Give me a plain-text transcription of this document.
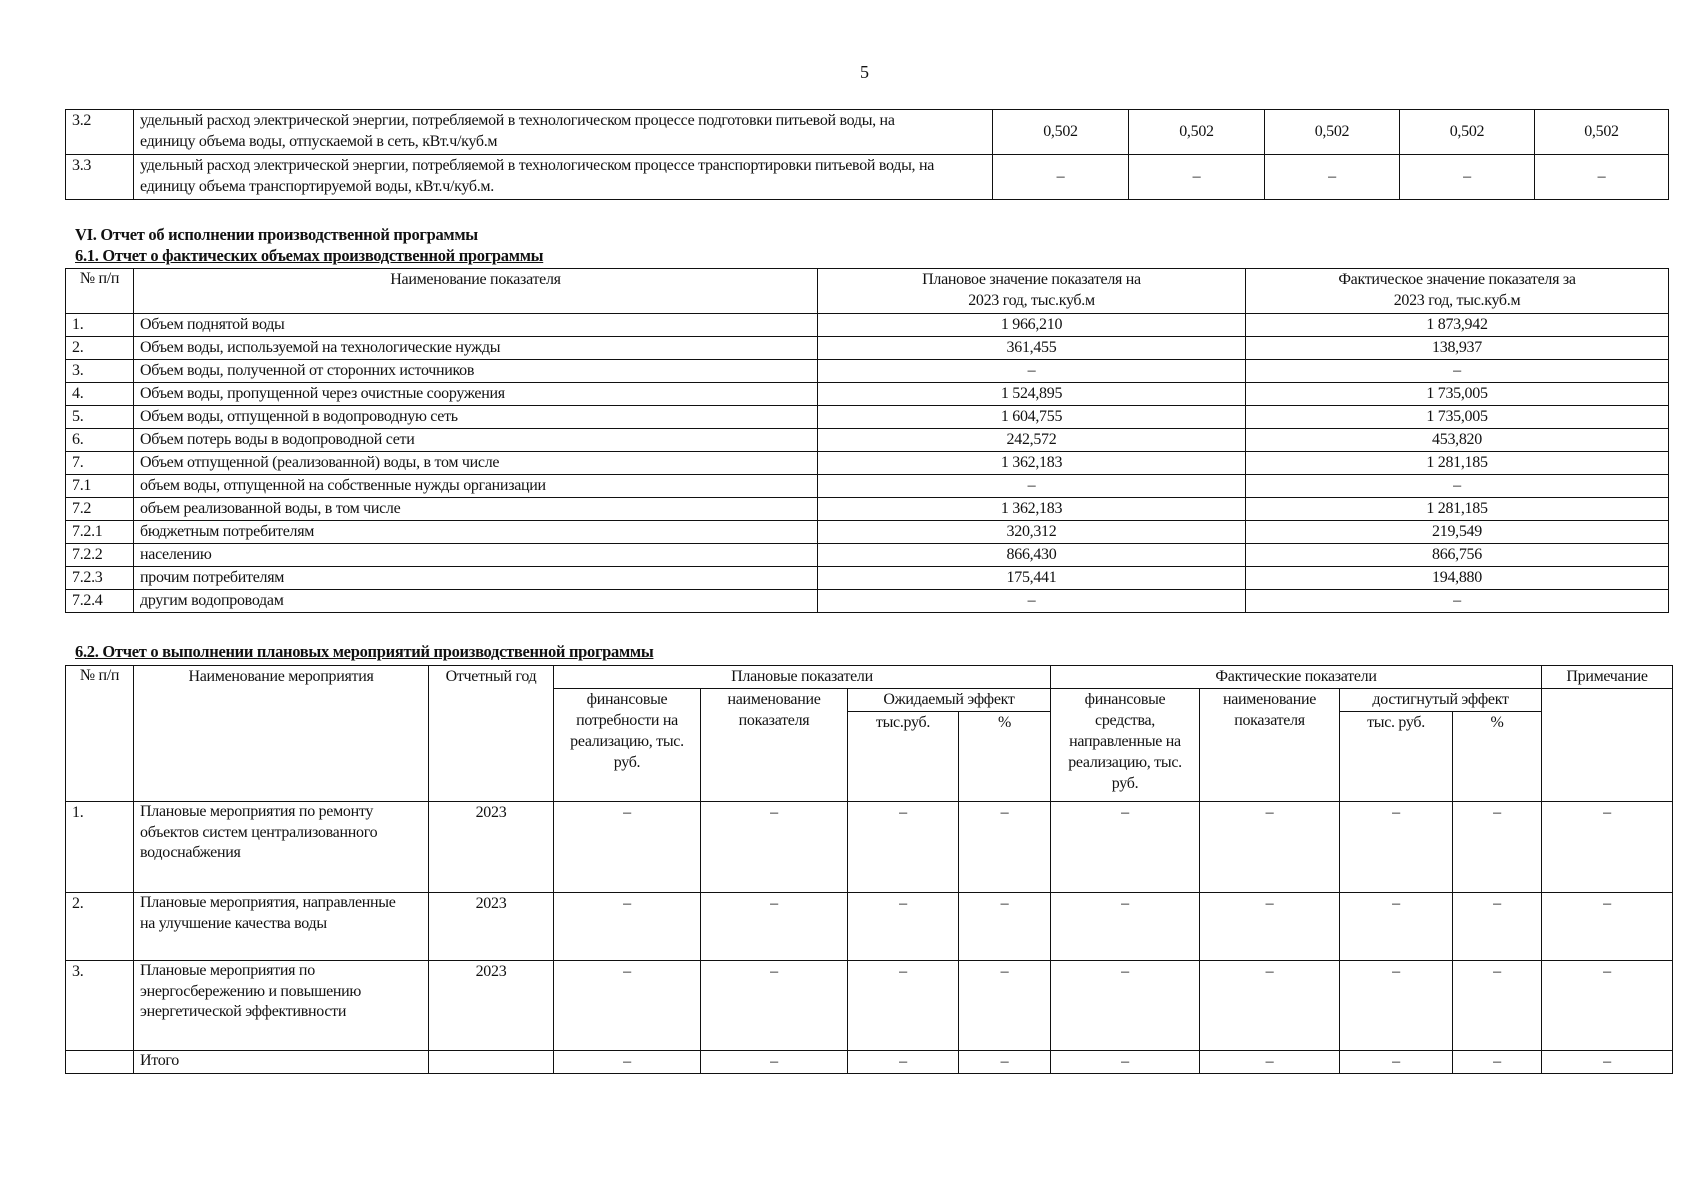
5
3.2	удельный расход электрической энергии, потребляемой в технологическом процессе подготовки питьевой воды, на единицу объема воды, отпускаемой в сеть, кВт.ч/куб.м	0,502	0,502	0,502	0,502	0,502
3.3	удельный расход электрической энергии, потребляемой в технологическом процессе транспортировки питьевой воды, на единицу объема транспортируемой воды, кВт.ч/куб.м.	–	–	–	–	–
VI. Отчет об исполнении производственной программы
6.1. Отчет о фактических объемах производственной программы
№ п/п	Наименование показателя	Плановое значение показателя на 2023 год, тыс.куб.м	Фактическое значение показателя за 2023 год, тыс.куб.м
1.	Объем поднятой воды	1 966,210	1 873,942
2.	Объем воды, используемой на технологические нужды	361,455	138,937
3.	Объем воды, полученной от сторонних источников	–	–
4.	Объем воды, пропущенной через очистные сооружения	1 524,895	1 735,005
5.	Объем воды, отпущенной в водопроводную сеть	1 604,755	1 735,005
6.	Объем потерь воды в водопроводной сети	242,572	453,820
7.	Объем отпущенной (реализованной) воды, в том числе	1 362,183	1 281,185
7.1	объем воды, отпущенной на собственные нужды организации	–	–
7.2	объем реализованной воды, в том числе	1 362,183	1 281,185
7.2.1	бюджетным потребителям	320,312	219,549
7.2.2	населению	866,430	866,756
7.2.3	прочим потребителям	175,441	194,880
7.2.4	другим водопроводам	–	–
6.2. Отчет о выполнении плановых мероприятий производственной программы
№ п/п	Наименование мероприятия	Отчетный год	Плановые показатели				Фактические показатели				Примечание
			финансовые потребности на реализацию, тыс. руб.	наименование показателя	Ожидаемый эффект		финансовые средства, направленные на реализацию, тыс. руб.	наименование показателя	достигнутый эффект		
					тыс.руб.	%			тыс. руб.	%	
1.	Плановые мероприятия по ремонту объектов систем централизованного водоснабжения	2023	–	–	–	–	–	–	–	–	–
2.	Плановые мероприятия, направленные на улучшение качества воды	2023	–	–	–	–	–	–	–	–	–
3.	Плановые мероприятия по энергосбережению и повышению энергетической эффективности	2023	–	–	–	–	–	–	–	–	–
	Итого		–	–	–	–	–	–	–	–	–
